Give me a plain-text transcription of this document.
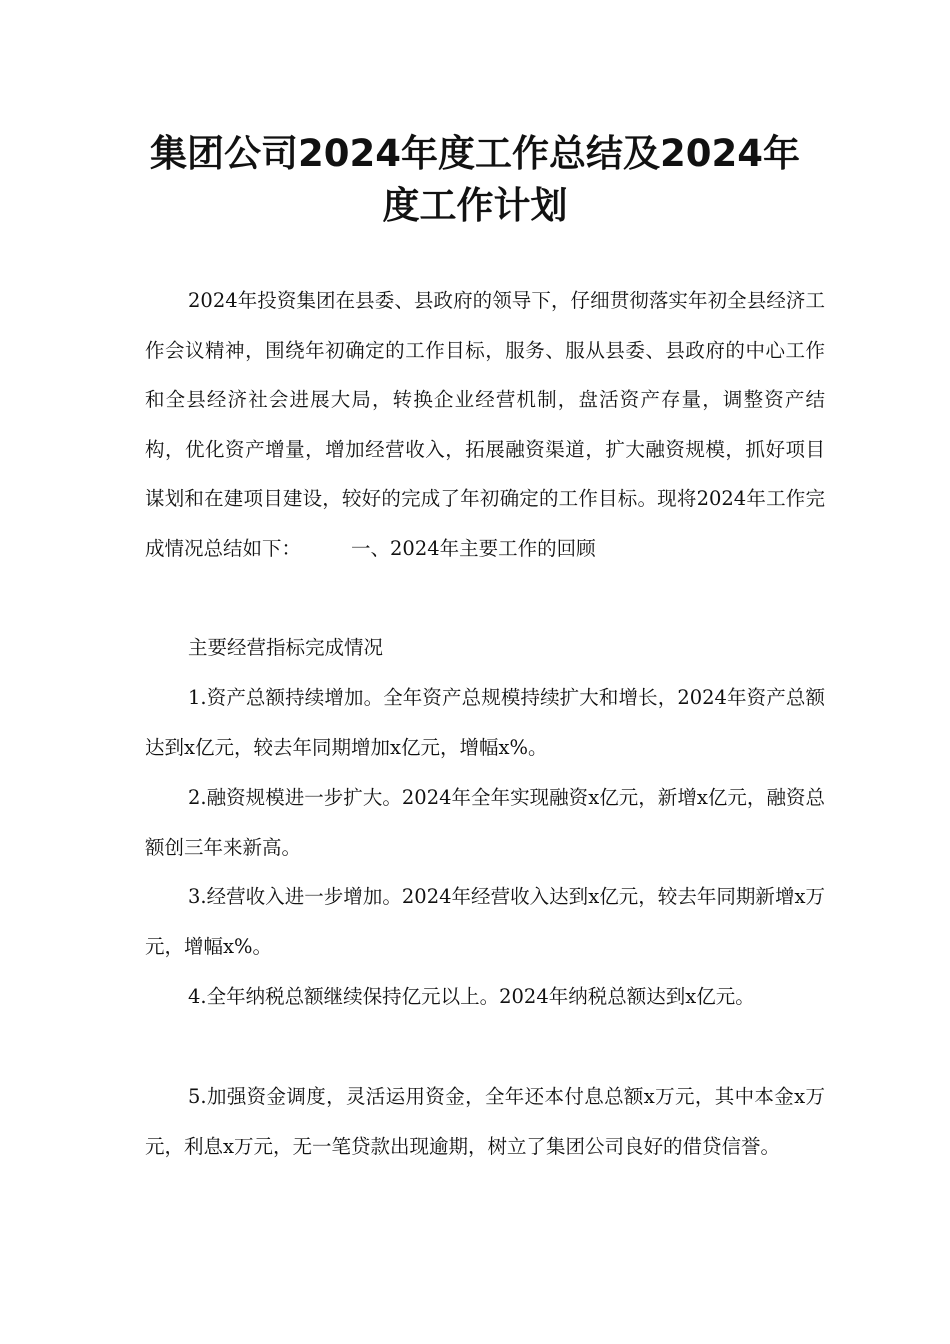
集团公司2024年度工作总结及2024年
度工作计划

2024年投资集团在县委、县政府的领导下，仔细贯彻落实年初全县经济工作会议精神，围绕年初确定的工作目标，服务、服从县委、县政府的中心工作和全县经济社会进展大局，转换企业经营机制，盘活资产存量，调整资产结构，优化资产增量，增加经营收入，拓展融资渠道，扩大融资规模，抓好项目谋划和在建项目建设，较好的完成了年初确定的工作目标。现将2024年工作完成情况总结如下：	一、2024年主要工作的回顾

主要经营指标完成情况

1.资产总额持续增加。全年资产总规模持续扩大和增长，2024年资产总额达到x亿元，较去年同期增加x亿元，增幅x%。

2.融资规模进一步扩大。2024年全年实现融资x亿元，新增x亿元，融资总额创三年来新高。

3.经营收入进一步增加。2024年经营收入达到x亿元，较去年同期新增x万元，增幅x%。

4.全年纳税总额继续保持亿元以上。2024年纳税总额达到x亿元。

5.加强资金调度，灵活运用资金，全年还本付息总额x万元，其中本金x万元，利息x万元，无一笔贷款出现逾期，树立了集团公司良好的借贷信誉。
